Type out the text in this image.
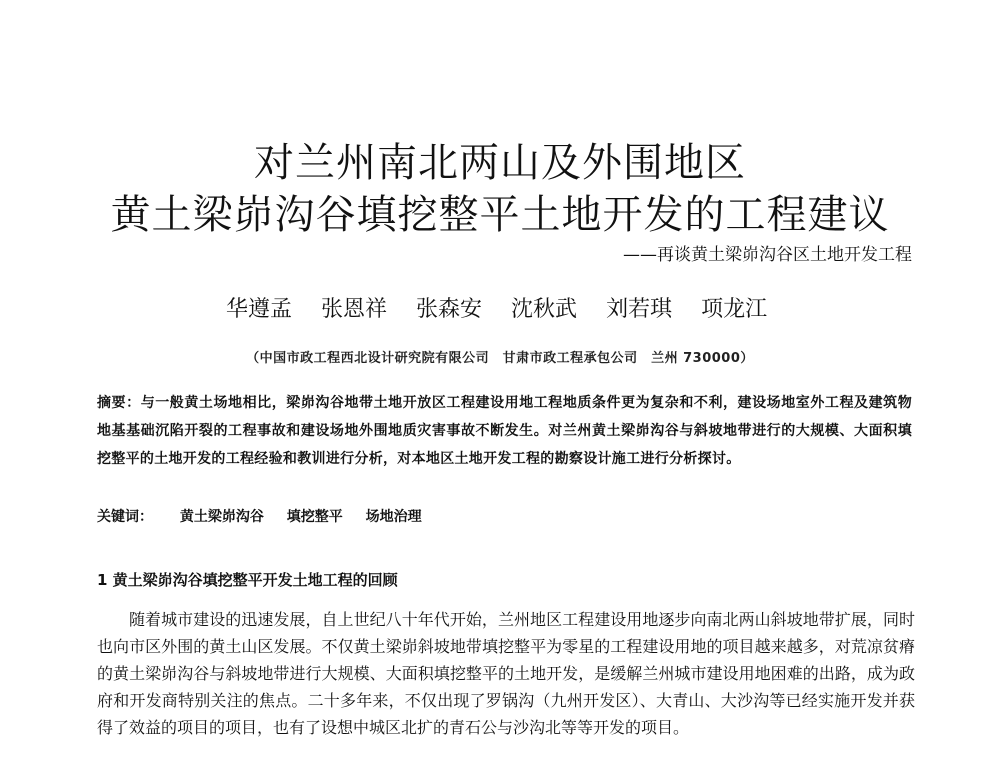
对兰州南北两山及外围地区
黄土梁峁沟谷填挖整平土地开发的工程建议
——再谈黄土梁峁沟谷区土地开发工程
华遵孟 张恩祥 张森安 沈秋武 刘若琪 项龙江
（中国市政工程西北设计研究院有限公司　甘肃市政工程承包公司　兰州 730000）
摘要：与一般黄土场地相比，梁峁沟谷地带土地开放区工程建设用地工程地质条件更为复杂和不利，建设场地室外工程及建筑物地基基础沉陷开裂的工程事故和建设场地外围地质灾害事故不断发生。对兰州黄土梁峁沟谷与斜坡地带进行的大规模、大面积填挖整平的土地开发的工程经验和教训进行分析，对本地区土地开发工程的勘察设计施工进行分析探讨。
关键词： 黄土梁峁沟谷 填挖整平 场地治理
1 黄土梁峁沟谷填挖整平开发土地工程的回顾
随着城市建设的迅速发展，自上世纪八十年代开始，兰州地区工程建设用地逐步向南北两山斜坡地带扩展，同时也向市区外围的黄土山区发展。不仅黄土梁峁斜坡地带填挖整平为零星的工程建设用地的项目越来越多，对荒凉贫瘠的黄土梁峁沟谷与斜坡地带进行大规模、大面积填挖整平的土地开发，是缓解兰州城市建设用地困难的出路，成为政府和开发商特别关注的焦点。二十多年来，不仅出现了罗锅沟（九州开发区）、大青山、大沙沟等已经实施开发并获得了效益的项目的项目，也有了设想中城区北扩的青石公与沙沟北等等开发的项目。
